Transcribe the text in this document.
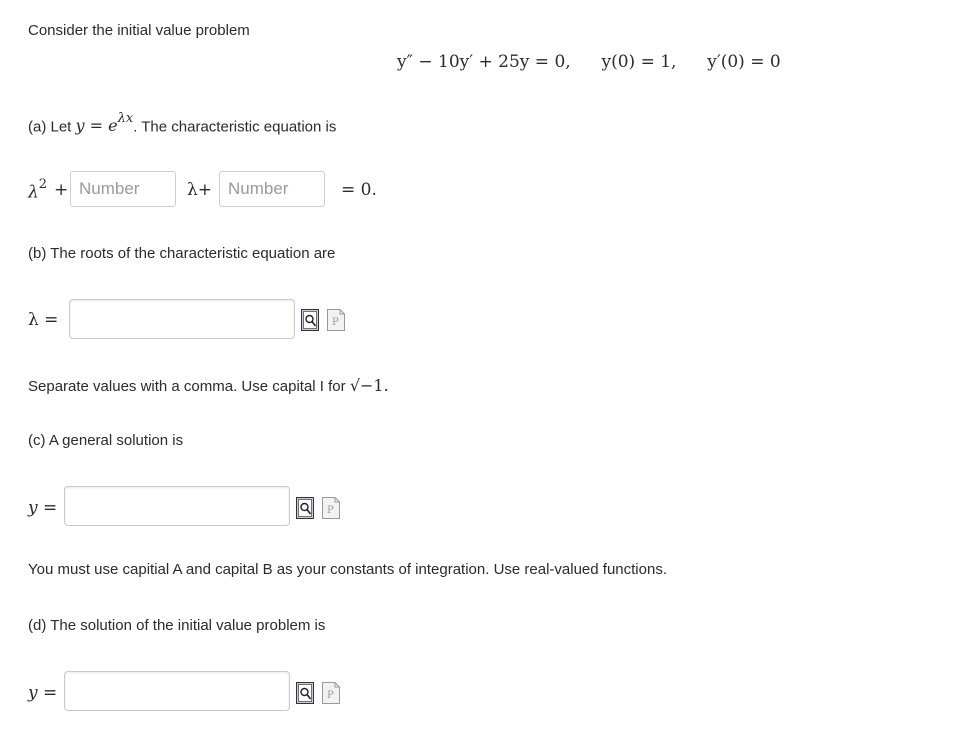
Consider the initial value problem
y″ − 10y′ + 25y = 0, y(0) = 1, y′(0) = 0
(a) Let $y = e^{\lambda x}$. The characteristic equation is
$\lambda^2$ +
Number	λ+
Number	= 0.
(b) The roots of the characteristic equation are
λ =	P
Separate values with a comma. Use capital I for √−1.
(c) A general solution is
y =	P
You must use capitial A and capital B as your constants of integration. Use real-valued functions.
(d) The solution of the initial value problem is
y =	P
